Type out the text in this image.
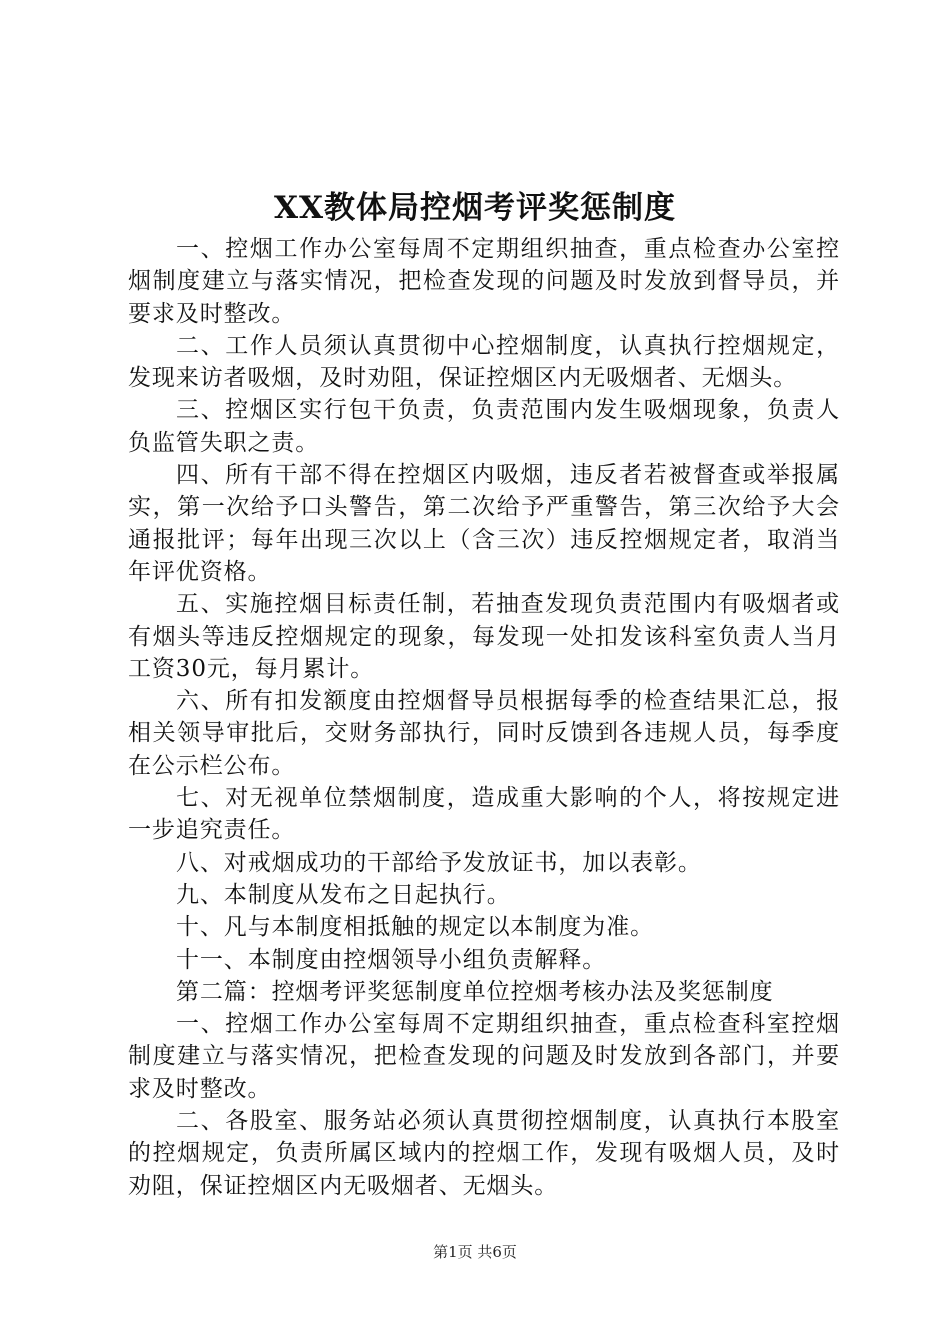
XX教体局控烟考评奖惩制度

一、控烟工作办公室每周不定期组织抽查，重点检查办公室控烟制度建立与落实情况，把检查发现的问题及时发放到督导员，并要求及时整改。

二、工作人员须认真贯彻中心控烟制度，认真执行控烟规定，发现来访者吸烟，及时劝阻，保证控烟区内无吸烟者、无烟头。

三、控烟区实行包干负责，负责范围内发生吸烟现象，负责人负监管失职之责。

四、所有干部不得在控烟区内吸烟，违反者若被督查或举报属实，第一次给予口头警告，第二次给予严重警告，第三次给予大会通报批评；每年出现三次以上（含三次）违反控烟规定者，取消当年评优资格。

五、实施控烟目标责任制，若抽查发现负责范围内有吸烟者或有烟头等违反控烟规定的现象，每发现一处扣发该科室负责人当月工资30元，每月累计。

六、所有扣发额度由控烟督导员根据每季的检查结果汇总，报相关领导审批后，交财务部执行，同时反馈到各违规人员，每季度在公示栏公布。

七、对无视单位禁烟制度，造成重大影响的个人，将按规定进一步追究责任。

八、对戒烟成功的干部给予发放证书，加以表彰。

九、本制度从发布之日起执行。

十、凡与本制度相抵触的规定以本制度为准。

十一、本制度由控烟领导小组负责解释。

第二篇：控烟考评奖惩制度单位控烟考核办法及奖惩制度

一、控烟工作办公室每周不定期组织抽查，重点检查科室控烟制度建立与落实情况，把检查发现的问题及时发放到各部门，并要求及时整改。

二、各股室、服务站必须认真贯彻控烟制度，认真执行本股室的控烟规定，负责所属区域内的控烟工作，发现有吸烟人员，及时劝阻，保证控烟区内无吸烟者、无烟头。

第1页 共6页
